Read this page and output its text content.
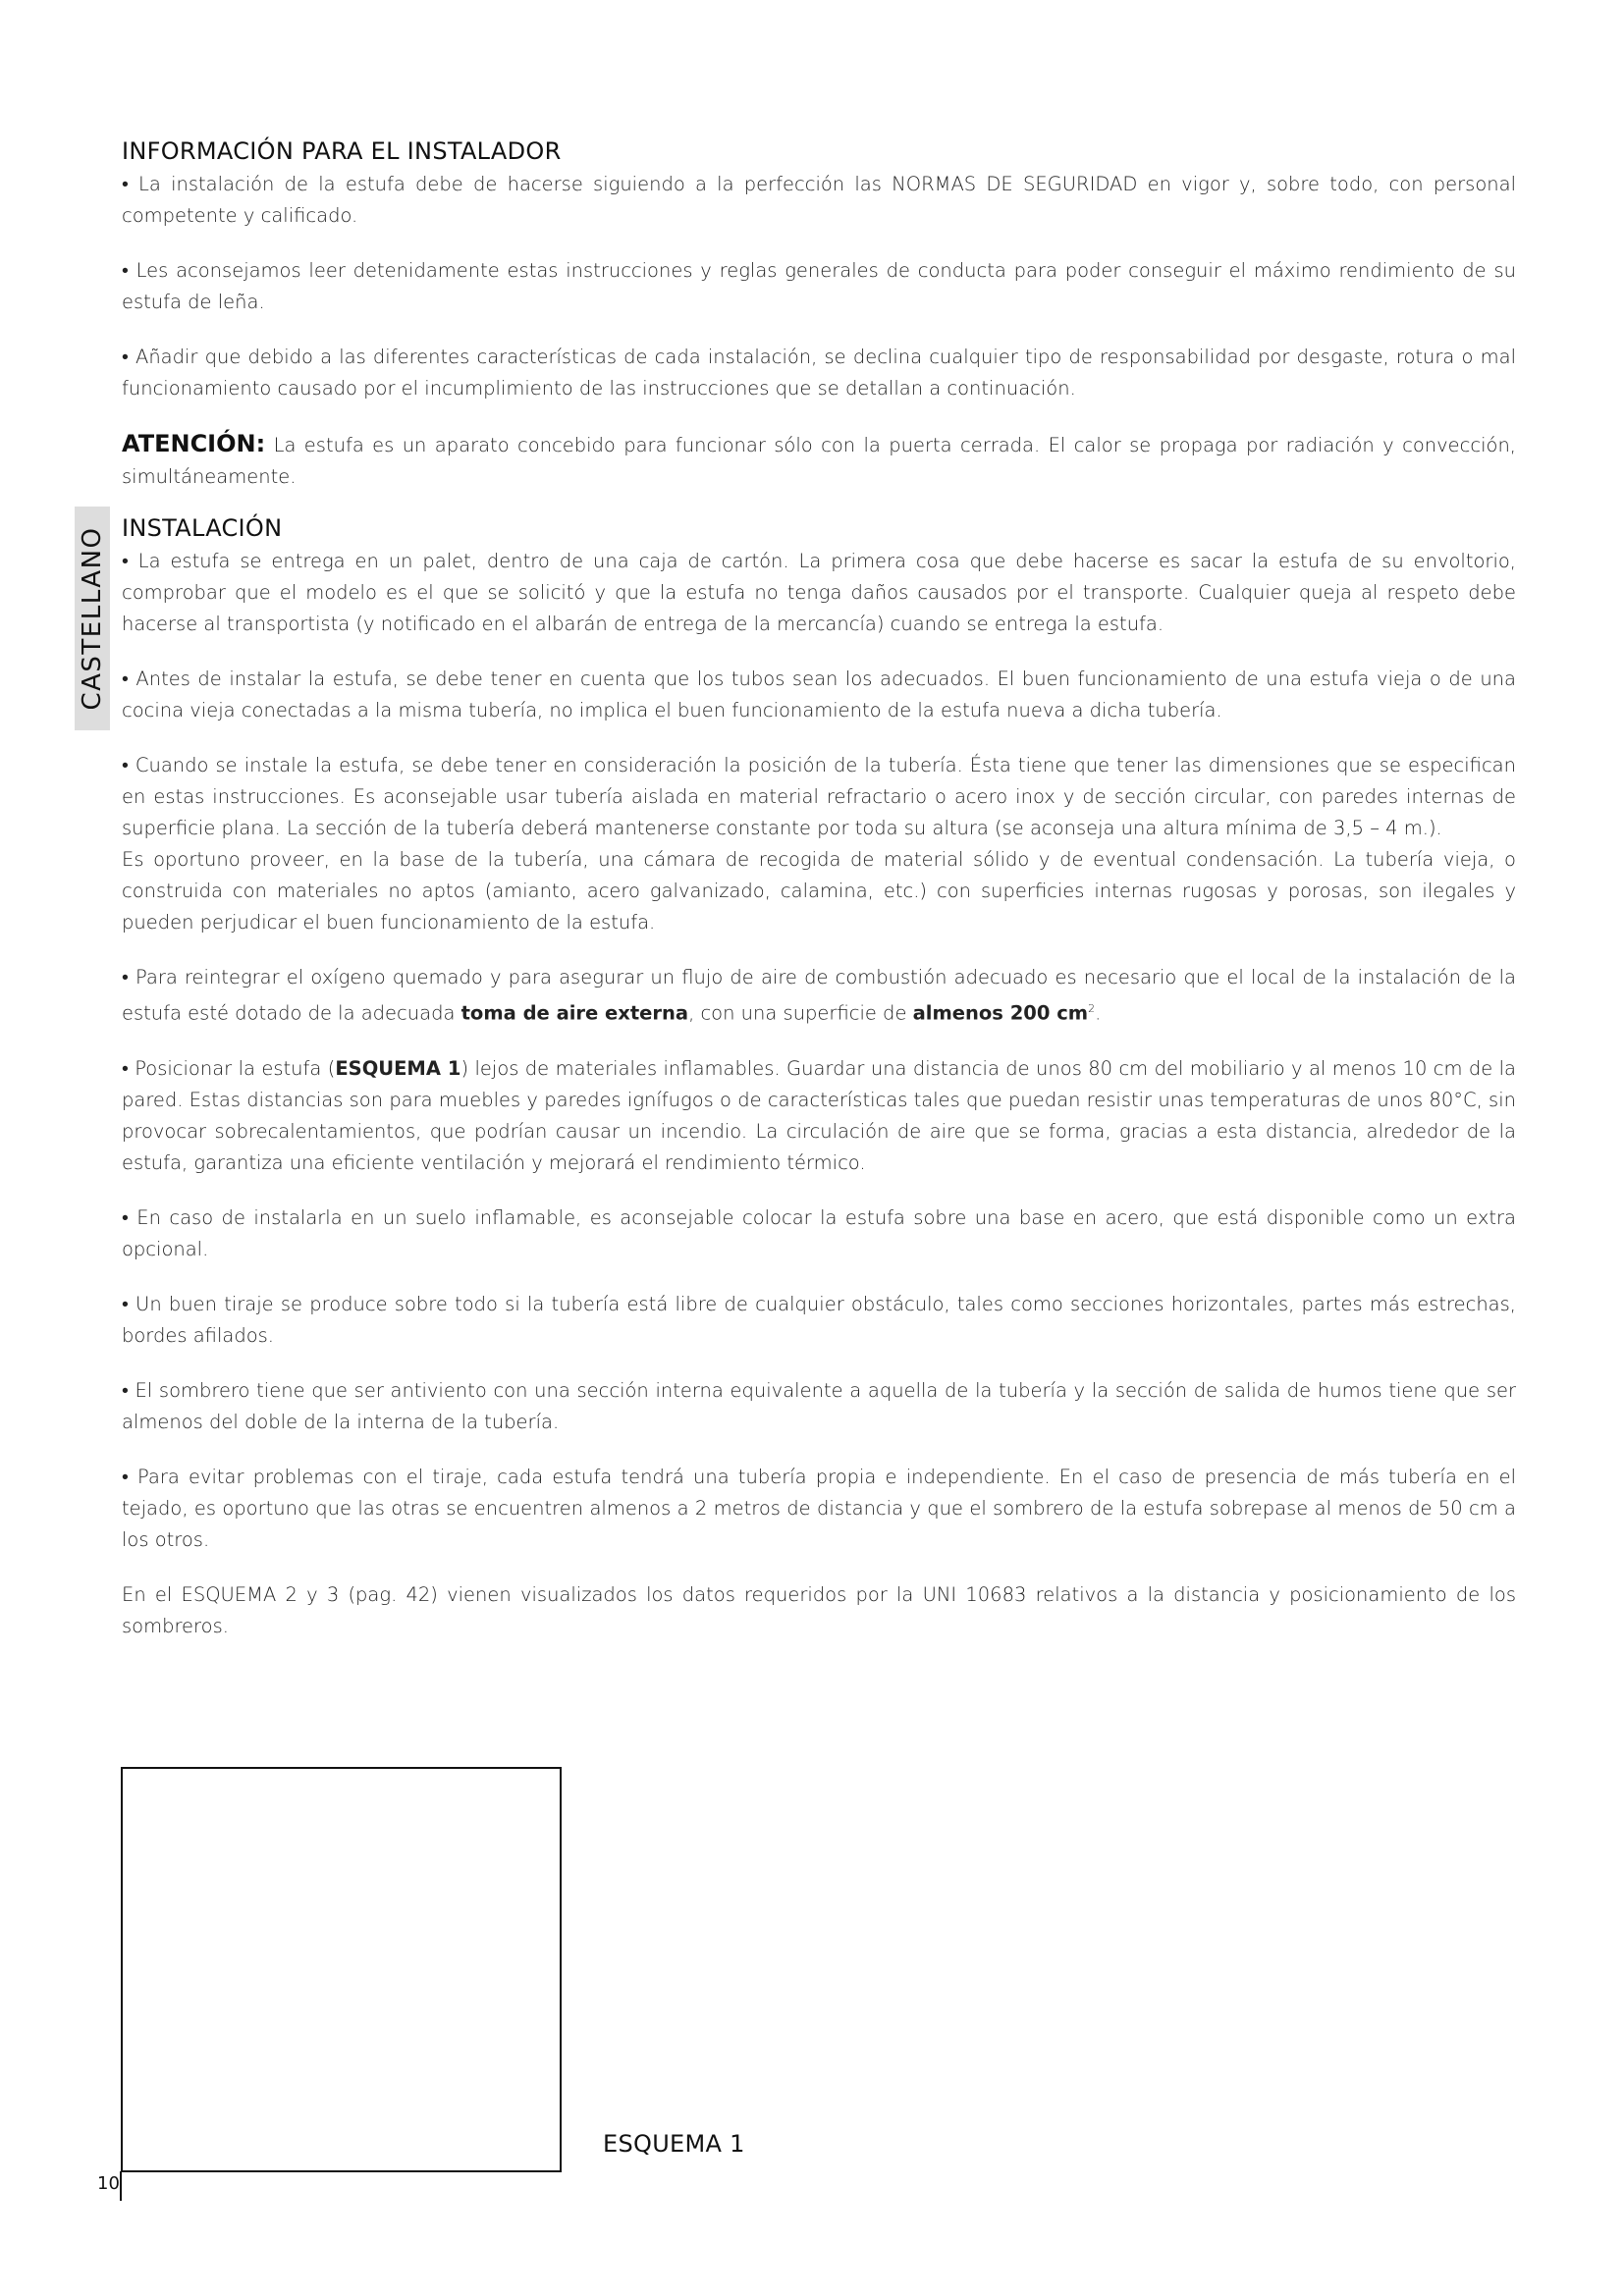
CASTELLANO
INFORMACIÓN PARA EL INSTALADOR

• La instalación de la estufa debe de hacerse siguiendo a la perfección las NORMAS DE SEGURIDAD en vigor y, sobre todo, con personal competente y calificado.

• Les aconsejamos leer detenidamente estas instrucciones y reglas generales de conducta para poder conseguir el máximo rendimiento de su estufa de leña.

• Añadir que debido a las diferentes características de cada instalación, se declina cualquier tipo de responsabilidad por desgaste, rotura o mal funcionamiento causado por el incumplimiento de las instrucciones que se detallan a continuación.

ATENCIÓN: La estufa es un aparato concebido para funcionar sólo con la puerta cerrada. El calor se propaga por radiación y convección, simultáneamente.

INSTALACIÓN

• La estufa se entrega en un palet, dentro de una caja de cartón. La primera cosa que debe hacerse es sacar la estufa de su envoltorio, comprobar que el modelo es el que se solicitó y que la estufa no tenga daños causados por el transporte. Cualquier queja al respeto debe hacerse al transportista (y notificado en el albarán de entrega de la mercancía) cuando se entrega la estufa.

• Antes de instalar la estufa, se debe tener en cuenta que los tubos sean los adecuados. El buen funcionamiento de una estufa vieja o de una cocina vieja conectadas a la misma tubería, no implica el buen funcionamiento de la estufa nueva a dicha tubería.

• Cuando se instale la estufa, se debe tener en consideración la posición de la tubería. Ésta tiene que tener las dimensiones que se especifican en estas instrucciones. Es aconsejable usar tubería aislada en material refractario o acero inox y de sección circular, con paredes internas de superficie plana. La sección de la tubería deberá mantenerse constante por toda su altura (se aconseja una altura mínima de 3,5 – 4 m.).

Es oportuno proveer, en la base de la tubería, una cámara de recogida de material sólido y de eventual condensación. La tubería vieja, o construida con materiales no aptos (amianto, acero galvanizado, calamina, etc.) con superficies internas rugosas y porosas, son ilegales y pueden perjudicar el buen funcionamiento de la estufa.

• Para reintegrar el oxígeno quemado y para asegurar un flujo de aire de combustión adecuado es necesario que el local de la instalación de la estufa esté dotado de la adecuada toma de aire externa, con una superficie de almenos 200 $cm^2$.

• Posicionar la estufa (ESQUEMA 1) lejos de materiales inflamables. Guardar una distancia de unos 80 cm del mobiliario y al menos 10 cm de la pared. Estas distancias son para muebles y paredes ignífugos o de características tales que puedan resistir unas temperaturas de unos 80°C, sin provocar sobrecalentamientos, que podrían causar un incendio. La circulación de aire que se forma, gracias a esta distancia, alrededor de la estufa, garantiza una eficiente ventilación y mejorará el rendimiento térmico.

• En caso de instalarla en un suelo inflamable, es aconsejable colocar la estufa sobre una base en acero, que está disponible como un extra opcional.

• Un buen tiraje se produce sobre todo si la tubería está libre de cualquier obstáculo, tales como secciones horizontales, partes más estrechas, bordes afilados.

• El sombrero tiene que ser antiviento con una sección interna equivalente a aquella de la tubería y la sección de salida de humos tiene que ser almenos del doble de la interna de la tubería.

• Para evitar problemas con el tiraje, cada estufa tendrá una tubería propia e independiente. En el caso de presencia de más tubería en el tejado, es oportuno que las otras se encuentren almenos a 2 metros de distancia y que el sombrero de la estufa sobrepase al menos de 50 cm a los otros.

En el ESQUEMA 2 y 3 (pag. 42) vienen visualizados los datos requeridos por la UNI 10683 relativos a la distancia y posicionamiento de los sombreros.

ESQUEMA 1
10
